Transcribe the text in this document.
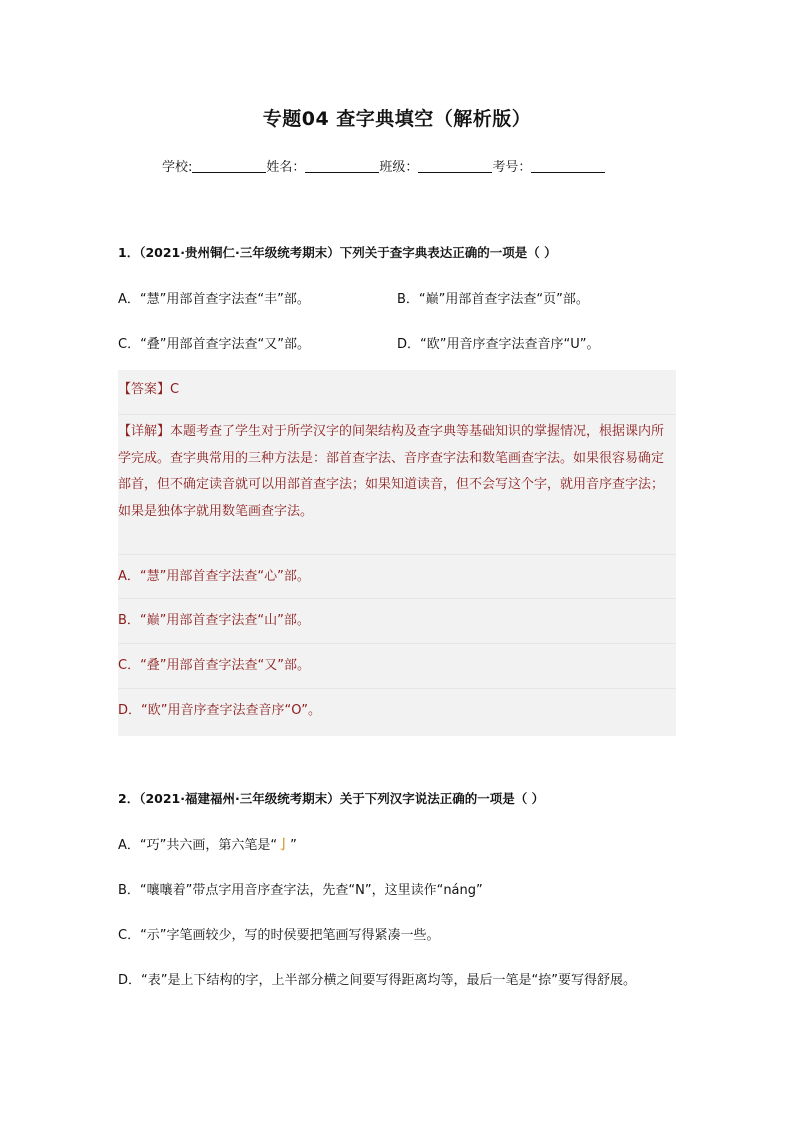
专题04 查字典填空（解析版）
学校:	姓名：	班级：	考号：
1．（2021·贵州铜仁·三年级统考期末）下列关于查字典表达正确的一项是（ ）
A．“慧”用部首查字法查“丰”部。	B．“巅”用部首查字法查“页”部。
C．“叠”用部首查字法查“又”部。	D．“欧”用音序查字法查音序“U”。
【答案】C
【详解】本题考查了学生对于所学汉字的间架结构及查字典等基础知识的掌握情况，根据课内所学完成。查字典常用的三种方法是：部首查字法、音序查字法和数笔画查字法。如果很容易确定部首，但不确定读音就可以用部首查字法；如果知道读音，但不会写这个字，就用音序查字法；如果是独体字就用数笔画查字法。
A．“慧”用部首查字法查“心”部。
B．“巅”用部首查字法查“山”部。
C．“叠”用部首查字法查“又”部。
D．“欧”用音序查字法查音序“O”。
2．（2021·福建福州·三年级统考期末）关于下列汉字说法正确的一项是（ ）
A．“巧”共六画，第六笔是“亅”
B．“嚷嚷着”带点字用音序查字法，先查“N”，这里读作“náng”
C．“示”字笔画较少，写的时侯要把笔画写得紧凑一些。
D．“表”是上下结构的字，上半部分横之间要写得距离均等，最后一笔是“捺”要写得舒展。
